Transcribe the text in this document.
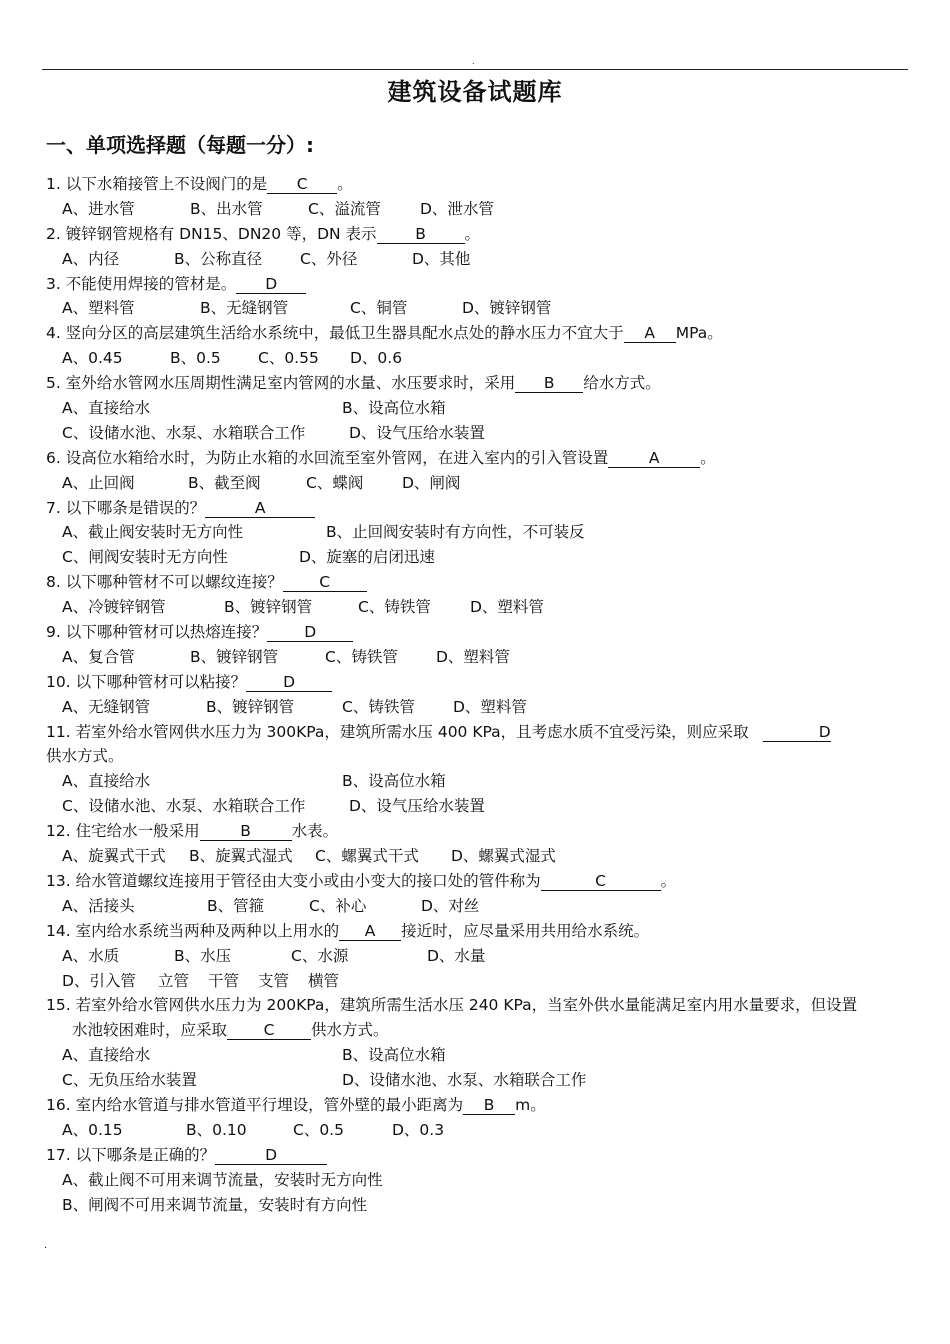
.
建筑设备试题库
一、单项选择题（每题一分）:
1. 以下水箱接管上不设阀门的是 C 。
A、进水管	B、出水管	C、溢流管	D、泄水管
2. 镀锌钢管规格有 DN15、DN20 等，DN 表示 B 。
A、内径	B、公称直径 C、外径	D、其他
3. 不能使用焊接的管材是。 D
A、塑料管	B、无缝钢管	C、铜管	D、镀锌钢管
4. 竖向分区的高层建筑生活给水系统中，最低卫生器具配水点处的静水压力不宜大于 A MPa。
A、0.45	B、0.5 C、0.55 D、0.6
5. 室外给水管网水压周期性满足室内管网的水量、水压要求时，采用 B 给水方式。
A、直接给水	B、设高位水箱
C、设储水池、水泵、水箱联合工作	D、设气压给水装置
6. 设高位水箱给水时，为防止水箱的水回流至室外管网，在进入室内的引入管设置	A	。
A、止回阀	B、截至阀	C、蝶阀 D、闸阀
7. 以下哪条是错误的？	A
A、截止阀安装时无方向性	B、止回阀安装时有方向性，不可装反
C、闸阀安装时无方向性	D、旋塞的启闭迅速
8. 以下哪种管材不可以螺纹连接？ C
A、冷镀锌钢管	B、镀锌钢管	C、铸铁管	D、塑料管
9. 以下哪种管材可以热熔连接？ D
A、复合管	B、镀锌钢管	C、铸铁管 D、塑料管
10. 以下哪种管材可以粘接？ D
A、无缝钢管	B、镀锌钢管	C、铸铁管 D、塑料管
11. 若室外给水管网供水压力为 300KPa，建筑所需水压 400 KPa，且考虑水质不宜受污染，则应采取	D
供水方式。
A、直接给水	B、设高位水箱
C、设储水池、水泵、水箱联合工作	D、设气压给水装置
12. 住宅给水一般采用	B	水表。
A、旋翼式干式 B、旋翼式湿式 C、螺翼式干式 D、螺翼式湿式
13. 给水管道螺纹连接用于管径由大变小或由小变大的接口处的管件称为	C	。
A、活接头	B、管箍	C、补心	D、对丝
14. 室内给水系统当两种及两种以上用水的 A 接近时，应尽量采用共用给水系统。
A、水质	B、水压	C、水源	D、水量
D、引入管 立管 干管 支管 横管
15. 若室外给水管网供水压力为 200KPa，建筑所需生活水压 240 KPa，当室外供水量能满足室内用水量要求，但设置
水池较困难时，应采取 C 供水方式。
A、直接给水	B、设高位水箱
C、无负压给水装置	D、设储水池、水泵、水箱联合工作
16. 室内给水管道与排水管道平行埋设，管外壁的最小距离为 B m。
A、0.15	B、0.10	C、0.5	D、0.3
17. 以下哪条是正确的？	D
A、截止阀不可用来调节流量，安装时无方向性
B、闸阀不可用来调节流量，安装时有方向性
.
